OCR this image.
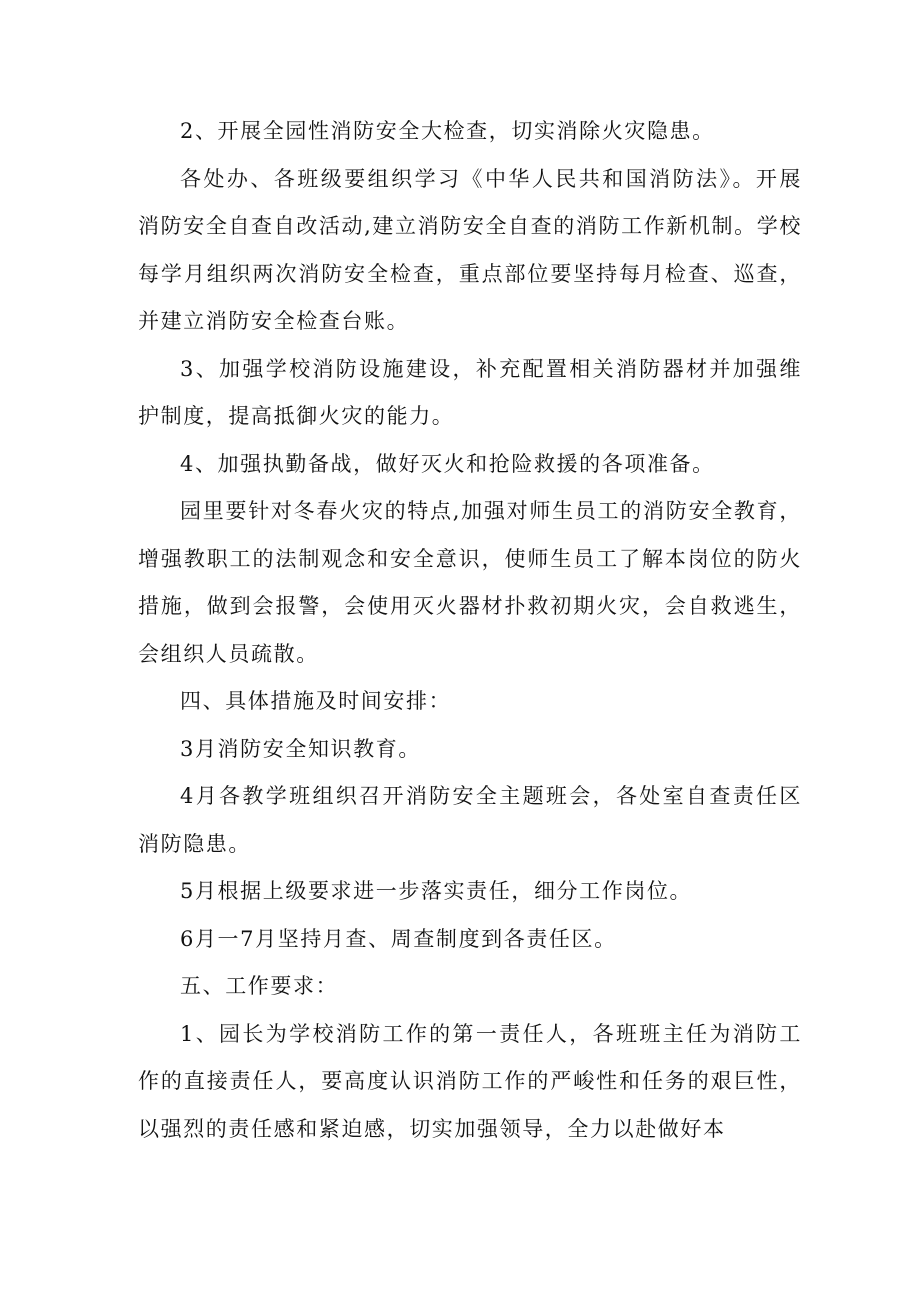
2、开展全园性消防安全大检查，切实消除火灾隐患。

各处办、各班级要组织学习《中华人民共和国消防法》。开展消防安全自查自改活动,建立消防安全自查的消防工作新机制。学校每学月组织两次消防安全检查，重点部位要坚持每月检查、巡查，并建立消防安全检查台账。

3、加强学校消防设施建设，补充配置相关消防器材并加强维护制度，提高抵御火灾的能力。

4、加强执勤备战，做好灭火和抢险救援的各项准备。

园里要针对冬春火灾的特点,加强对师生员工的消防安全教育，增强教职工的法制观念和安全意识，使师生员工了解本岗位的防火措施，做到会报警，会使用灭火器材扑救初期火灾，会自救逃生，会组织人员疏散。

四、具体措施及时间安排：

3月消防安全知识教育。

4月各教学班组织召开消防安全主题班会，各处室自查责任区消防隐患。

5月根据上级要求进一步落实责任，细分工作岗位。

6月一7月坚持月查、周查制度到各责任区。

五、工作要求：

1、园长为学校消防工作的第一责任人，各班班主任为消防工作的直接责任人，要高度认识消防工作的严峻性和任务的艰巨性，以强烈的责任感和紧迫感，切实加强领导，全力以赴做好本
